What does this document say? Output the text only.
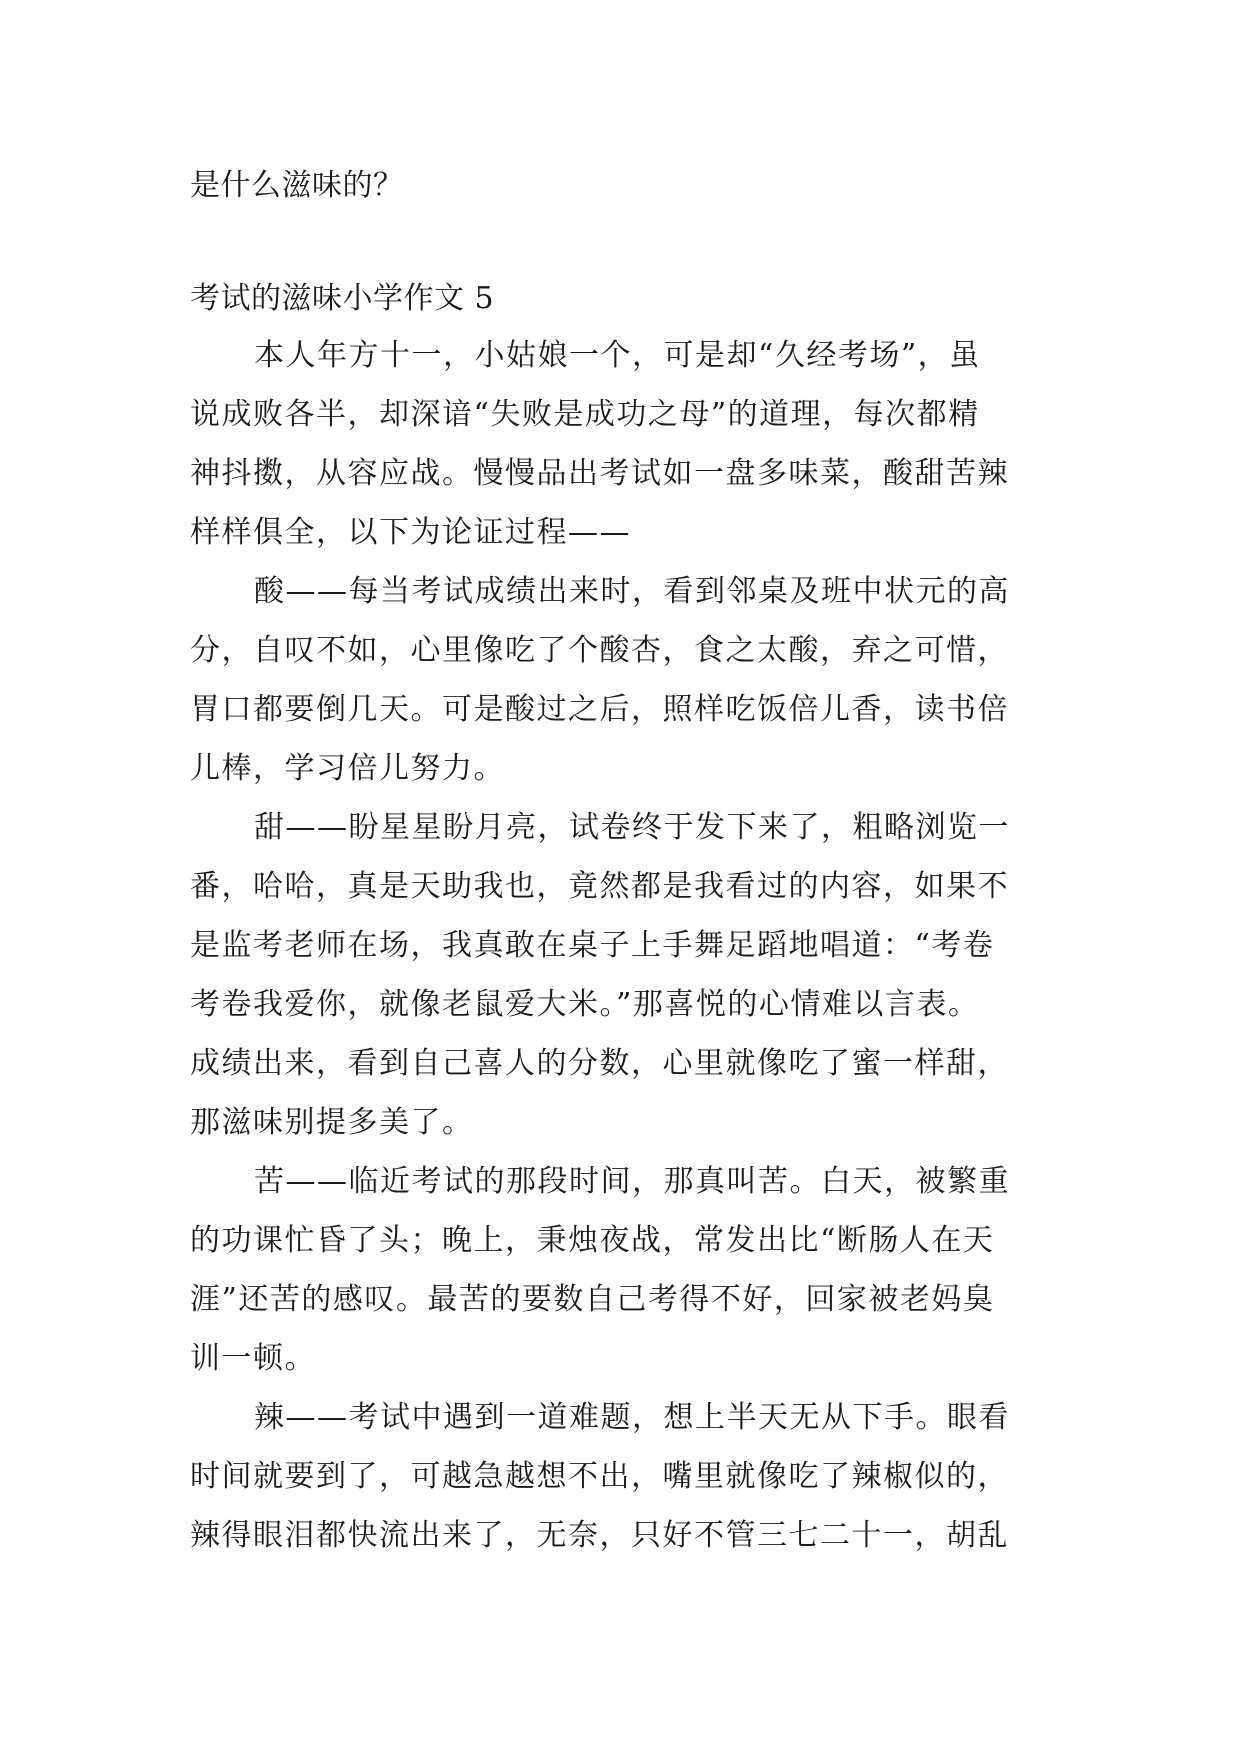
是什么滋味的？

考试的滋味小学作文 5

本人年方十一，小姑娘一个，可是却“久经考场”，虽

说成败各半，却深谙“失败是成功之母”的道理，每次都精

神抖擞，从容应战。慢慢品出考试如一盘多味菜，酸甜苦辣

样样俱全，以下为论证过程——

酸——每当考试成绩出来时，看到邻桌及班中状元的高

分，自叹不如，心里像吃了个酸杏，食之太酸，弃之可惜，

胃口都要倒几天。可是酸过之后，照样吃饭倍儿香，读书倍

儿棒，学习倍儿努力。

甜——盼星星盼月亮，试卷终于发下来了，粗略浏览一

番，哈哈，真是天助我也，竟然都是我看过的内容，如果不

是监考老师在场，我真敢在桌子上手舞足蹈地唱道：“考卷

考卷我爱你，就像老鼠爱大米。”那喜悦的心情难以言表。

成绩出来，看到自己喜人的分数，心里就像吃了蜜一样甜，

那滋味别提多美了。

苦——临近考试的那段时间，那真叫苦。白天，被繁重

的功课忙昏了头；晚上，秉烛夜战，常发出比“断肠人在天

涯”还苦的感叹。最苦的要数自己考得不好，回家被老妈臭

训一顿。

辣——考试中遇到一道难题，想上半天无从下手。眼看

时间就要到了，可越急越想不出，嘴里就像吃了辣椒似的，

辣得眼泪都快流出来了，无奈，只好不管三七二十一，胡乱
